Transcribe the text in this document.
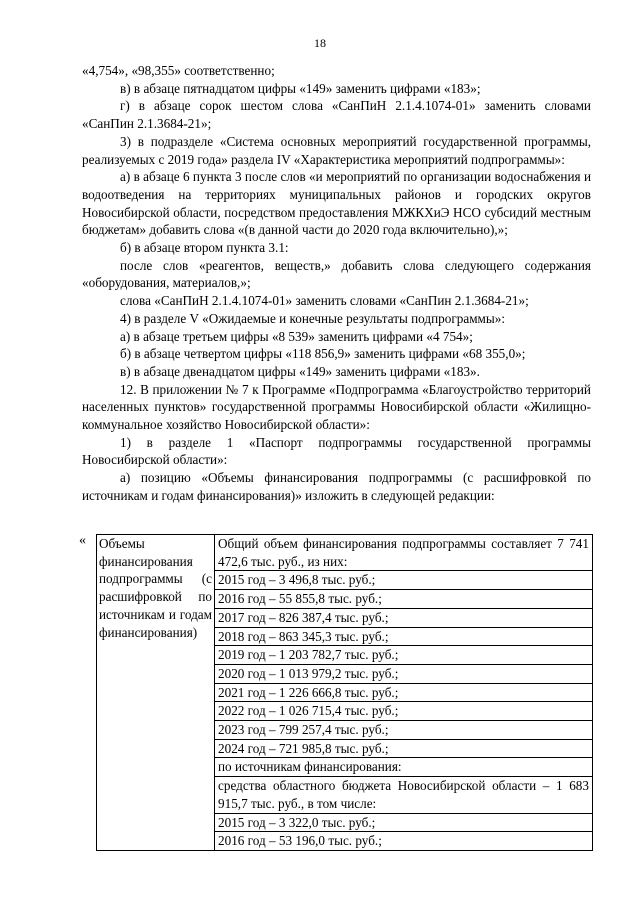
18

«4,754», «98,355» соответственно;

в) в абзаце пятнадцатом цифры «149» заменить цифрами «183»;

г) в абзаце сорок шестом слова «СанПиН 2.1.4.1074-01» заменить словами «СанПин 2.1.3684-21»;

3) в подразделе «Система основных мероприятий государственной программы, реализуемых с 2019 года» раздела IV «Характеристика мероприятий подпрограммы»:

а) в абзаце 6 пункта 3 после слов «и мероприятий по организации водоснабжения и водоотведения на территориях муниципальных районов и городских округов Новосибирской области, посредством предоставления МЖКХиЭ НСО субсидий местным бюджетам» добавить слова «(в данной части до 2020 года включительно),»;

б) в абзаце втором пункта 3.1:

после слов «реагентов, веществ,» добавить слова следующего содержания «оборудования, материалов,»;

слова «СанПиН 2.1.4.1074-01» заменить словами «СанПин 2.1.3684-21»;

4) в разделе V «Ожидаемые и конечные результаты подпрограммы»:

а) в абзаце третьем цифры «8 539» заменить цифрами «4 754»;

б) в абзаце четвертом цифры «118 856,9» заменить цифрами «68 355,0»;

в) в абзаце двенадцатом цифры «149» заменить цифрами «183».

12. В приложении № 7 к Программе «Подпрограмма «Благоустройство территорий населенных пунктов» государственной программы Новосибирской области «Жилищно-коммунальное хозяйство Новосибирской области»:

1) в разделе 1 «Паспорт подпрограммы государственной программы Новосибирской области»:

а) позицию «Объемы финансирования подпрограммы (с расшифровкой по источникам и годам финансирования)» изложить в следующей редакции:

« Объемы финансирования подпрограммы (с расшифровкой по источникам и годам финансирования)	Общий объем финансирования подпрограммы составляет 7 741 472,6 тыс. руб., из них:
2015 год – 3 496,8 тыс. руб.;
2016 год – 55 855,8 тыс. руб.;
2017 год – 826 387,4 тыс. руб.;
2018 год – 863 345,3 тыс. руб.;
2019 год – 1 203 782,7 тыс. руб.;
2020 год – 1 013 979,2 тыс. руб.;
2021 год – 1 226 666,8 тыс. руб.;
2022 год – 1 026 715,4 тыс. руб.;
2023 год – 799 257,4 тыс. руб.;
2024 год – 721 985,8 тыс. руб.;
по источникам финансирования:
средства областного бюджета Новосибирской области – 1 683 915,7 тыс. руб., в том числе:
2015 год – 3 322,0 тыс. руб.;
2016 год – 53 196,0 тыс. руб.;
